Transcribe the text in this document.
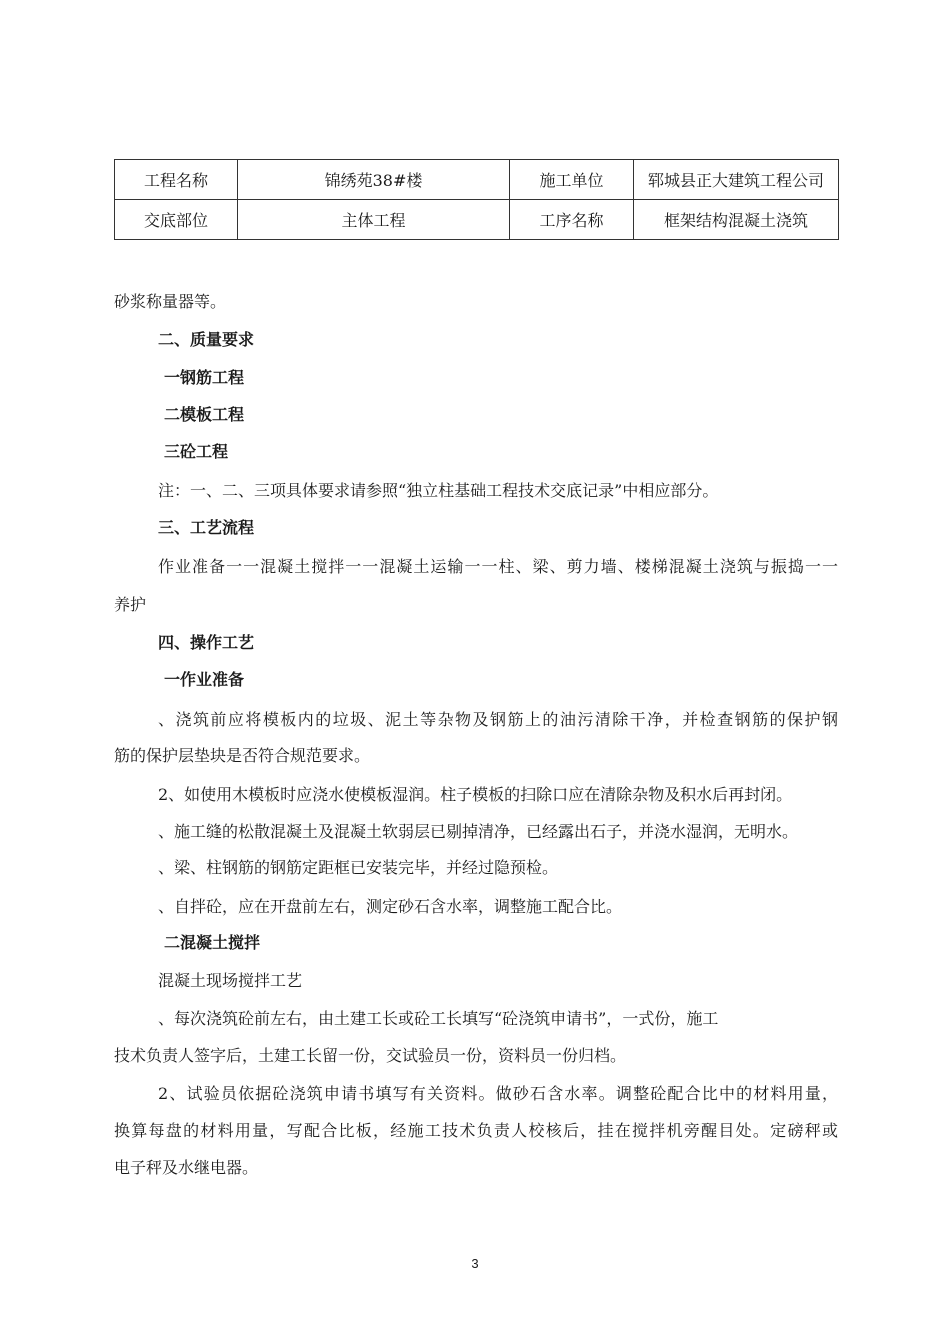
工程名称	锦绣苑38#楼	施工单位	郓城县正大建筑工程公司
交底部位	主体工程	工序名称	框架结构混凝土浇筑
砂浆称量器等。
二、质量要求
一钢筋工程
二模板工程
三砼工程
注：一、二、三项具体要求请参照“独立柱基础工程技术交底记录”中相应部分。
三、工艺流程
作业准备一一混凝土搅拌一一混凝土运输一一柱、梁、剪力墙、楼梯混凝土浇筑与振捣一一
养护
四、操作工艺
一作业准备
、浇筑前应将模板内的垃圾、泥土等杂物及钢筋上的油污清除干净，并检查钢筋的保护钢
筋的保护层垫块是否符合规范要求。
2、如使用木模板时应浇水使模板湿润。柱子模板的扫除口应在清除杂物及积水后再封闭。
、施工缝的松散混凝土及混凝土软弱层已剔掉清净，已经露出石子，并浇水湿润，无明水。
、梁、柱钢筋的钢筋定距框已安装完毕，并经过隐预检。
、自拌砼，应在开盘前左右，测定砂石含水率，调整施工配合比。
二混凝土搅拌
混凝土现场搅拌工艺
、每次浇筑砼前左右，由土建工长或砼工长填写“砼浇筑申请书”，一式份，施工
技术负责人签字后，土建工长留一份，交试验员一份，资料员一份归档。
2、试验员依据砼浇筑申请书填写有关资料。做砂石含水率。调整砼配合比中的材料用量，
换算每盘的材料用量，写配合比板，经施工技术负责人校核后，挂在搅拌机旁醒目处。定磅秤或
电子秤及水继电器。
3
